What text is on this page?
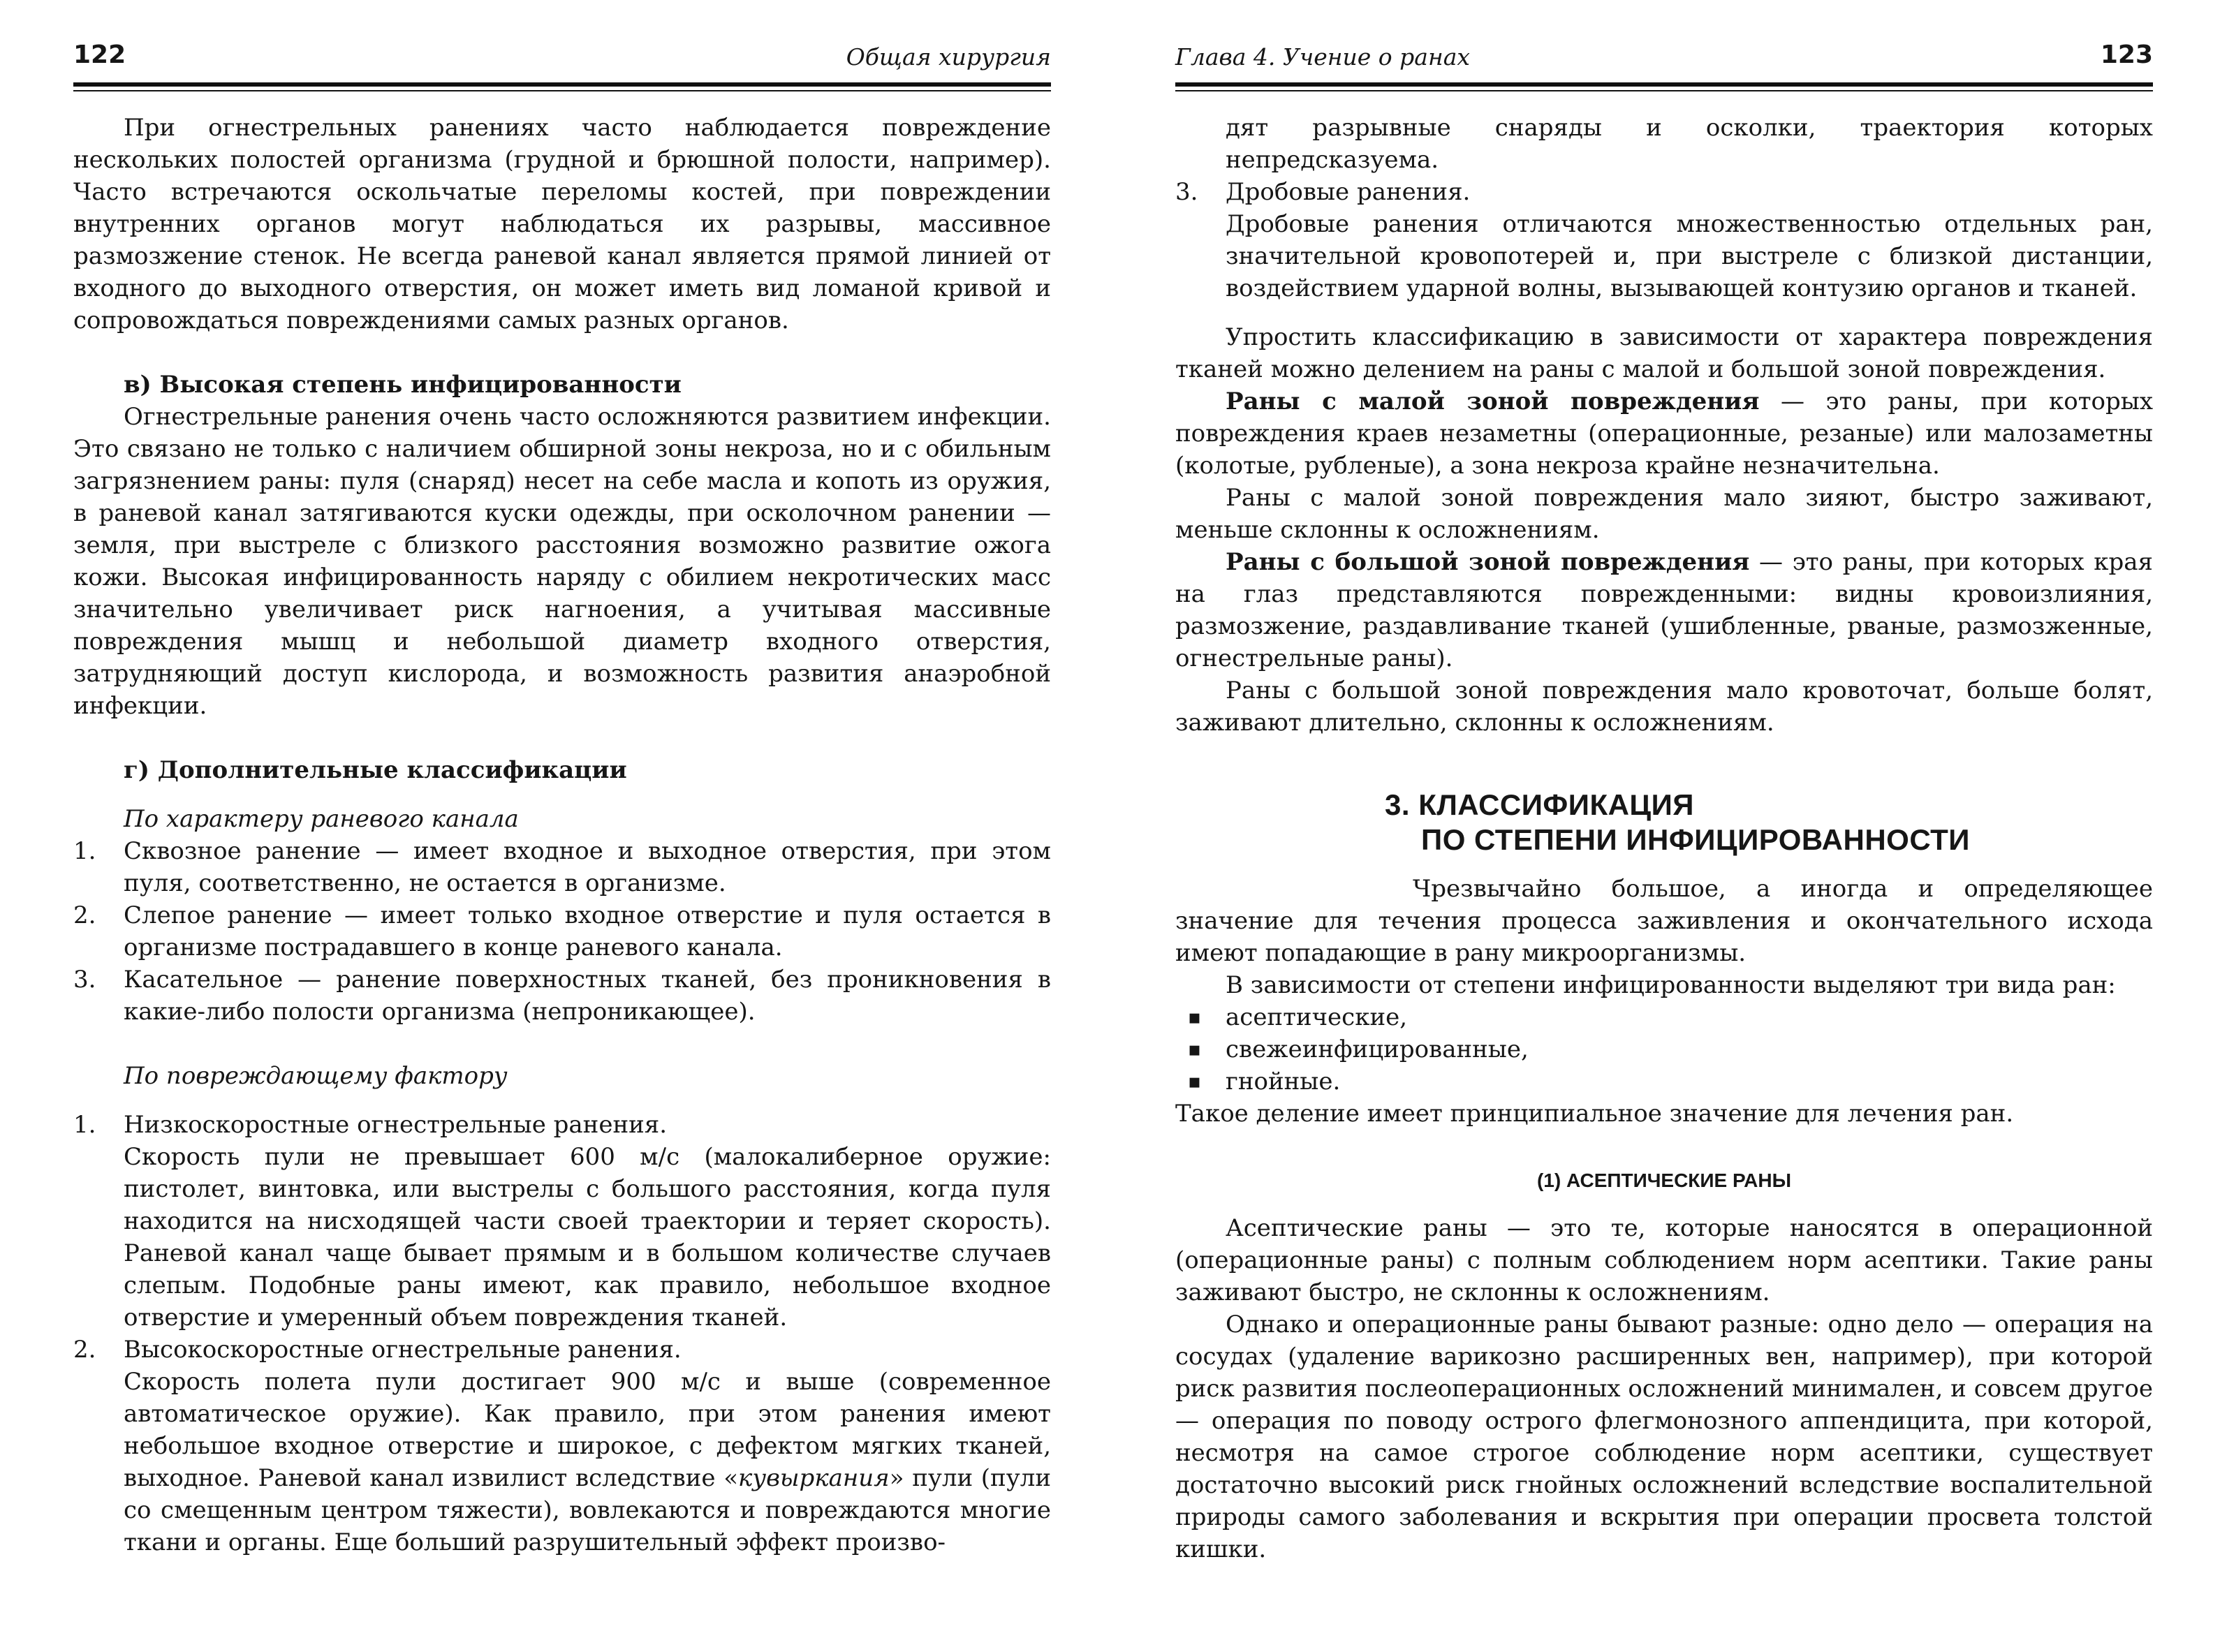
122	Общая хирургия

При огнестрельных ранениях часто наблюдается повреждение нескольких полостей организма (грудной и брюшной полости, например). Часто встречаются оскольчатые переломы костей, при повреждении внутренних органов могут наблюдаться их разрывы, массивное размозжение стенок. Не всегда раневой канал является прямой линией от входного до выходного отверстия, он может иметь вид ломаной кривой и сопровождаться повреждениями самых разных органов.

в) Высокая степень инфицированности

Огнестрельные ранения очень часто осложняются развитием инфекции. Это связано не только с наличием обширной зоны некроза, но и с обильным загрязнением раны: пуля (снаряд) несет на себе масла и копоть из оружия, в раневой канал затягиваются куски одежды, при осколочном ранении — земля, при выстреле с близкого расстояния возможно развитие ожога кожи. Высокая инфицированность наряду с обилием некротических масс значительно увеличивает риск нагноения, а учитывая массивные повреждения мышц и небольшой диаметр входного отверстия, затрудняющий доступ кислорода, и возможность развития анаэробной инфекции.

г) Дополнительные классификации

По характеру раневого канала

1. Сквозное ранение — имеет входное и выходное отверстия, при этом пуля, соответственно, не остается в организме.
2. Слепое ранение — имеет только входное отверстие и пуля остается в организме пострадавшего в конце раневого канала.
3. Касательное — ранение поверхностных тканей, без проникновения в какие-либо полости организма (непроникающее).

По повреждающему фактору

1. Низкоскоростные огнестрельные ранения.
Скорость пули не превышает 600 м/с (малокалиберное оружие: пистолет, винтовка, или выстрелы с большого расстояния, когда пуля находится на нисходящей части своей траектории и теряет скорость). Раневой канал чаще бывает прямым и в большом количестве случаев слепым. Подобные раны имеют, как правило, небольшое входное отверстие и умеренный объем повреждения тканей.
2. Высокоскоростные огнестрельные ранения.
Скорость полета пули достигает 900 м/с и выше (современное автоматическое оружие). Как правило, при этом ранения имеют небольшое входное отверстие и широкое, с дефектом мягких тканей, выходное. Раневой канал извилист вследствие «кувыркания» пули (пули со смещенным центром тяжести), вовлекаются и повреждаются многие ткани и органы. Еще больший разрушительный эффект произво-
Глава 4. Учение о ранах	123

дят разрывные снаряды и осколки, траектория которых непредсказуема.

3. Дробовые ранения.
Дробовые ранения отличаются множественностью отдельных ран, значительной кровопотерей и, при выстреле с близкой дистанции, воздействием ударной волны, вызывающей контузию органов и тканей.

Упростить классификацию в зависимости от характера повреждения тканей можно делением на раны с малой и большой зоной повреждения.

Раны с малой зоной повреждения — это раны, при которых повреждения краев незаметны (операционные, резаные) или малозаметны (колотые, рубленые), а зона некроза крайне незначительна.

Раны с малой зоной повреждения мало зияют, быстро заживают, меньше склонны к осложнениям.

Раны с большой зоной повреждения — это раны, при которых края на глаз представляются поврежденными: видны кровоизлияния, размозжение, раздавливание тканей (ушибленные, рваные, размозженные, огнестрельные раны).

Раны с большой зоной повреждения мало кровоточат, больше болят, заживают длительно, склонны к осложнениям.

3. КЛАССИФИКАЦИЯ
ПО СТЕПЕНИ ИНФИЦИРОВАННОСТИ

Чрезвычайно большое, а иногда и определяющее значение для течения процесса заживления и окончательного исхода имеют попадающие в рану микроорганизмы.

В зависимости от степени инфицированности выделяют три вида ран:

▪ асептические,
▪ свежеинфицированные,
▪ гнойные.

Такое деление имеет принципиальное значение для лечения ран.

(1) АСЕПТИЧЕСКИЕ РАНЫ

Асептические раны — это те, которые наносятся в операционной (операционные раны) с полным соблюдением норм асептики. Такие раны заживают быстро, не склонны к осложнениям.

Однако и операционные раны бывают разные: одно дело — операция на сосудах (удаление варикозно расширенных вен, например), при которой риск развития послеоперационных осложнений минимален, и совсем другое — операция по поводу острого флегмонозного аппендицита, при которой, несмотря на самое строгое соблюдение норм асептики, существует достаточно высокий риск гнойных осложнений вследствие воспалительной природы самого заболевания и вскрытия при операции просвета толстой кишки.
